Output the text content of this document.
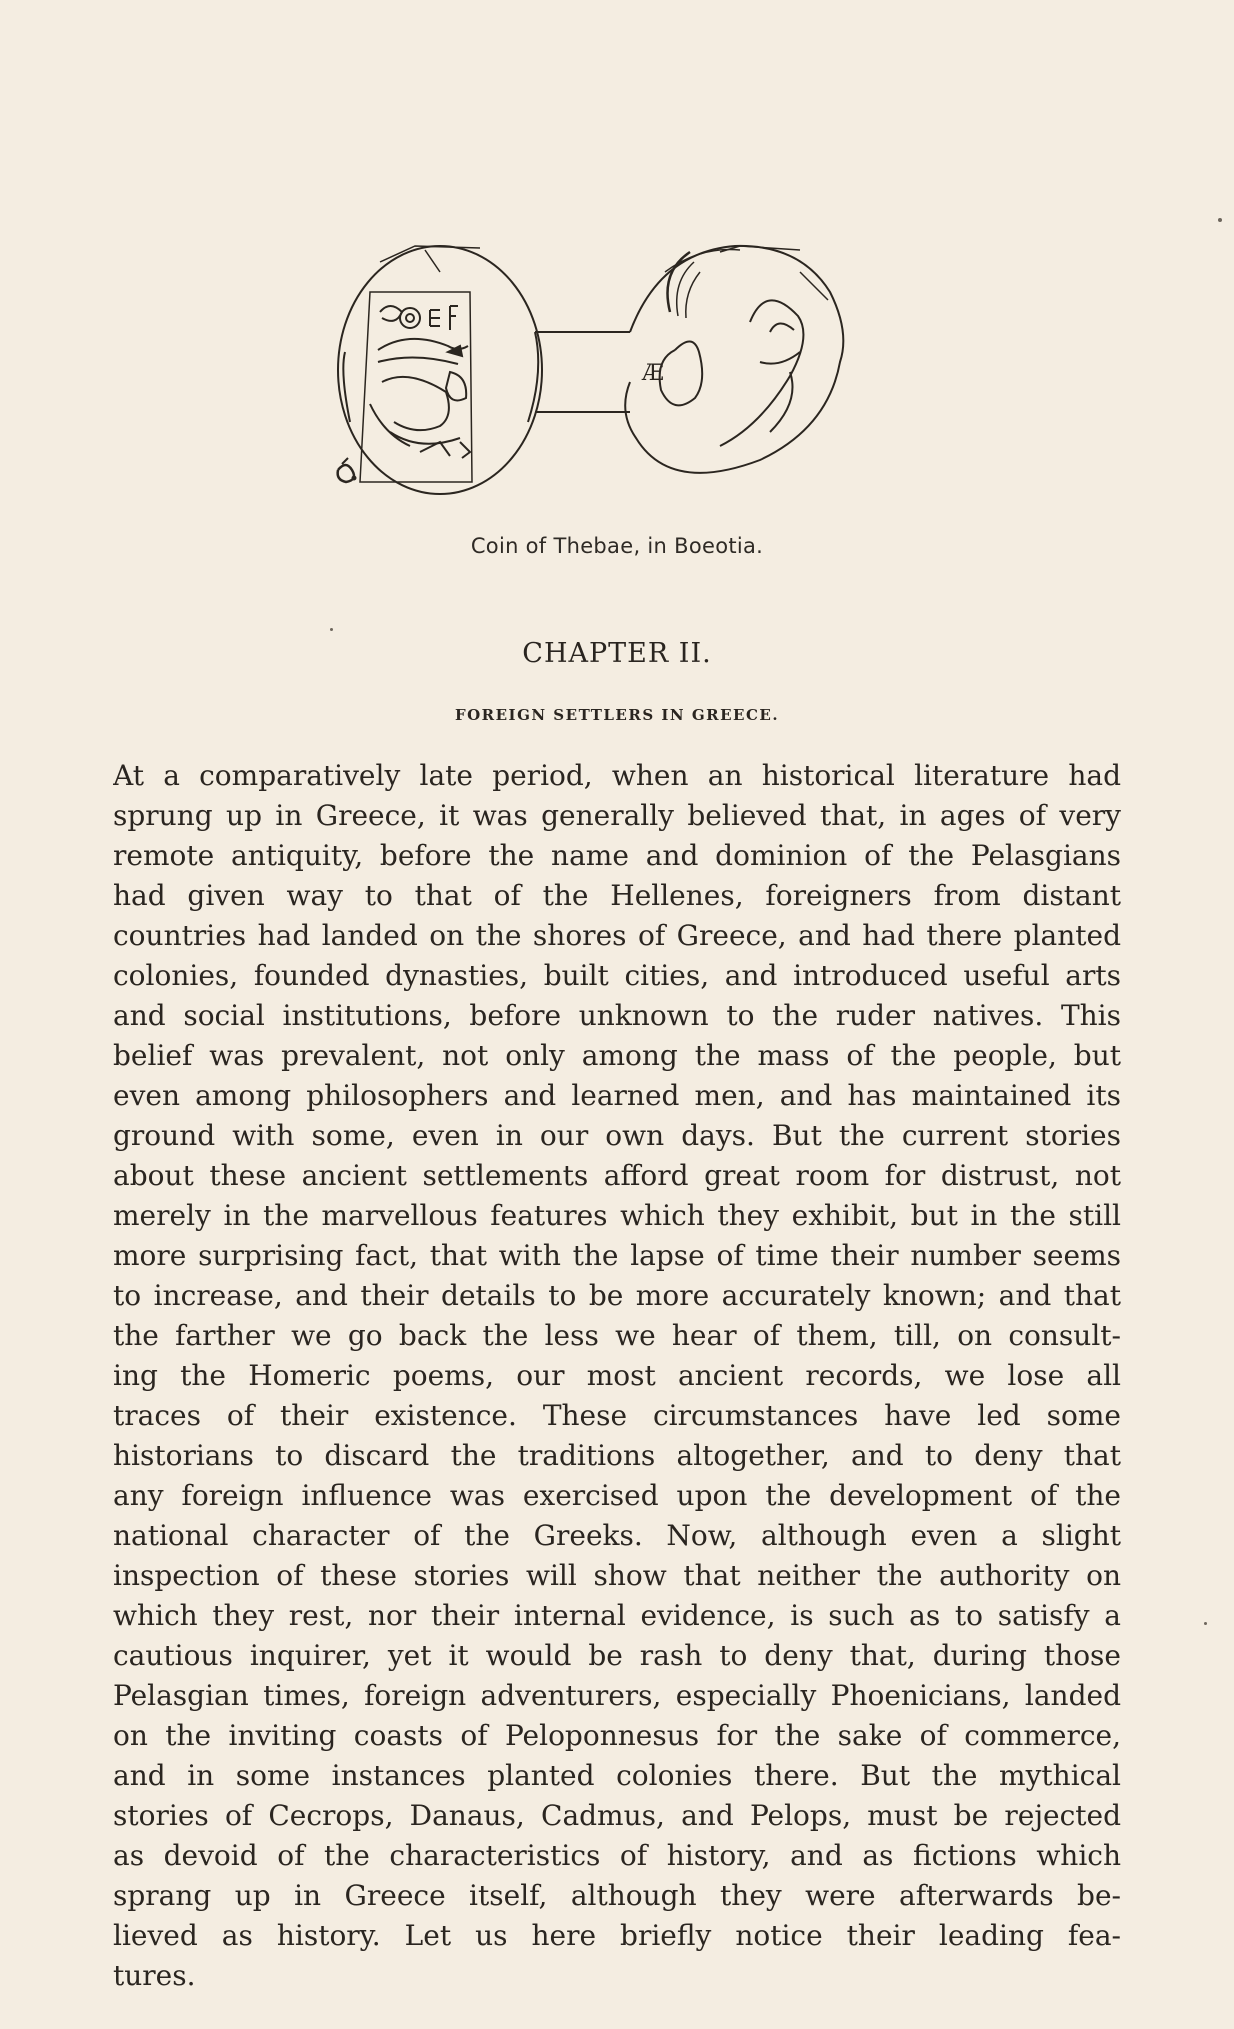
Æ
Coin of Thebae, in Boeotia.
CHAPTER II.
FOREIGN SETTLERS IN GREECE.
At a comparatively late period, when an historical literature had
sprung up in Greece, it was generally believed that, in ages of very
remote antiquity, before the name and dominion of the Pelasgians
had given way to that of the Hellenes, foreigners from distant
countries had landed on the shores of Greece, and had there planted
colonies, founded dynasties, built cities, and introduced useful arts
and social institutions, before unknown to the ruder natives. This
belief was prevalent, not only among the mass of the people, but
even among philosophers and learned men, and has maintained its
ground with some, even in our own days. But the current stories
about these ancient settlements afford great room for distrust, not
merely in the marvellous features which they exhibit, but in the still
more surprising fact, that with the lapse of time their number seems
to increase, and their details to be more accurately known; and that
the farther we go back the less we hear of them, till, on consult-
ing the Homeric poems, our most ancient records, we lose all
traces of their existence. These circumstances have led some
historians to discard the traditions altogether, and to deny that
any foreign influence was exercised upon the development of the
national character of the Greeks. Now, although even a slight
inspection of these stories will show that neither the authority on
which they rest, nor their internal evidence, is such as to satisfy a
cautious inquirer, yet it would be rash to deny that, during those
Pelasgian times, foreign adventurers, especially Phoenicians, landed
on the inviting coasts of Peloponnesus for the sake of commerce,
and in some instances planted colonies there. But the mythical
stories of Cecrops, Danaus, Cadmus, and Pelops, must be rejected
as devoid of the characteristics of history, and as fictions which
sprang up in Greece itself, although they were afterwards be-
lieved as history. Let us here briefly notice their leading fea-
tures.
